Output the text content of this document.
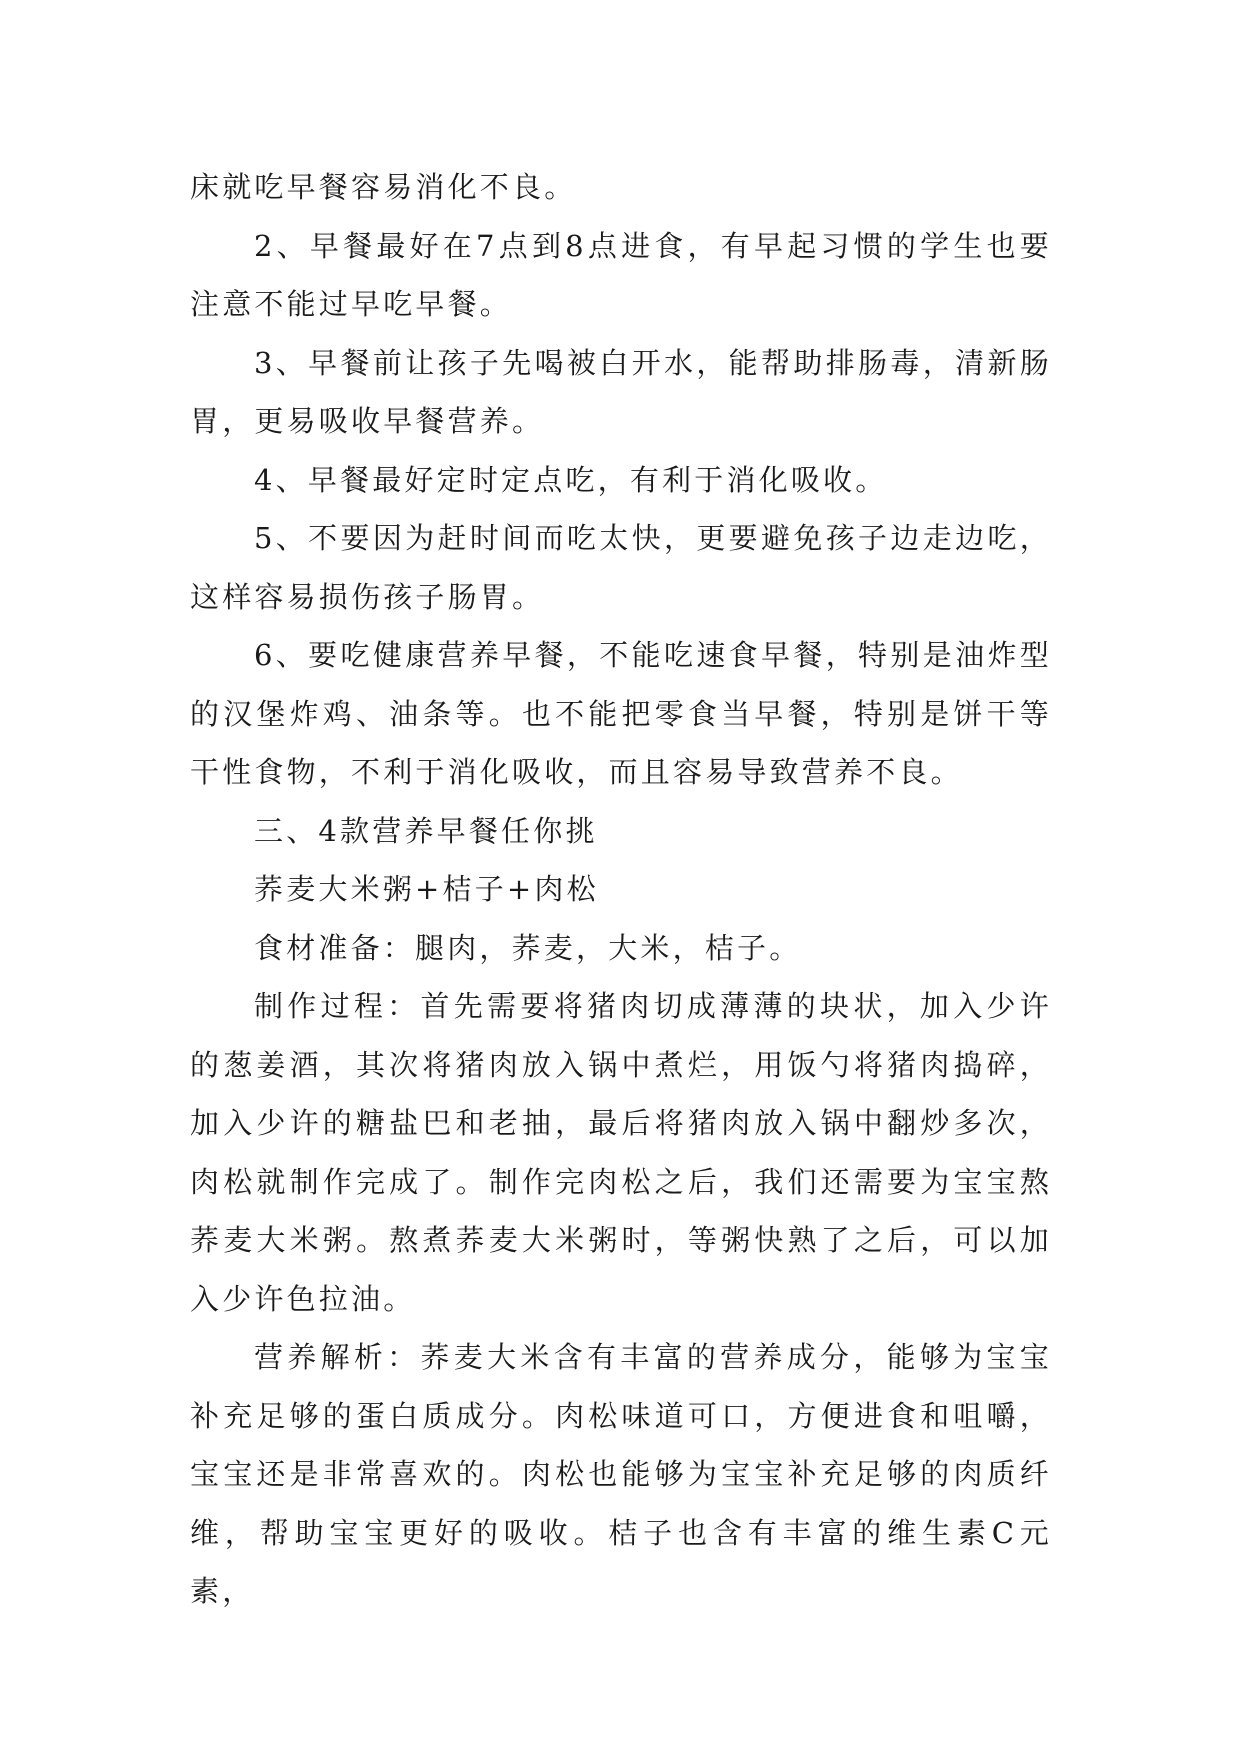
床就吃早餐容易消化不良。

2、早餐最好在7点到8点进食，有早起习惯的学生也要注意不能过早吃早餐。

3、早餐前让孩子先喝被白开水，能帮助排肠毒，清新肠胃，更易吸收早餐营养。

4、早餐最好定时定点吃，有利于消化吸收。

5、不要因为赶时间而吃太快，更要避免孩子边走边吃，这样容易损伤孩子肠胃。

6、要吃健康营养早餐，不能吃速食早餐，特别是油炸型的汉堡炸鸡、油条等。也不能把零食当早餐，特别是饼干等干性食物，不利于消化吸收，而且容易导致营养不良。

三、4款营养早餐任你挑

荞麦大米粥+桔子+肉松

食材准备：腿肉，荞麦，大米，桔子。

制作过程：首先需要将猪肉切成薄薄的块状，加入少许的葱姜酒，其次将猪肉放入锅中煮烂，用饭勺将猪肉捣碎，加入少许的糖盐巴和老抽，最后将猪肉放入锅中翻炒多次，肉松就制作完成了。制作完肉松之后，我们还需要为宝宝熬荞麦大米粥。熬煮荞麦大米粥时，等粥快熟了之后，可以加入少许色拉油。

营养解析：荞麦大米含有丰富的营养成分，能够为宝宝补充足够的蛋白质成分。肉松味道可口，方便进食和咀嚼，宝宝还是非常喜欢的。肉松也能够为宝宝补充足够的肉质纤维，帮助宝宝更好的吸收。桔子也含有丰富的维生素C元素，
